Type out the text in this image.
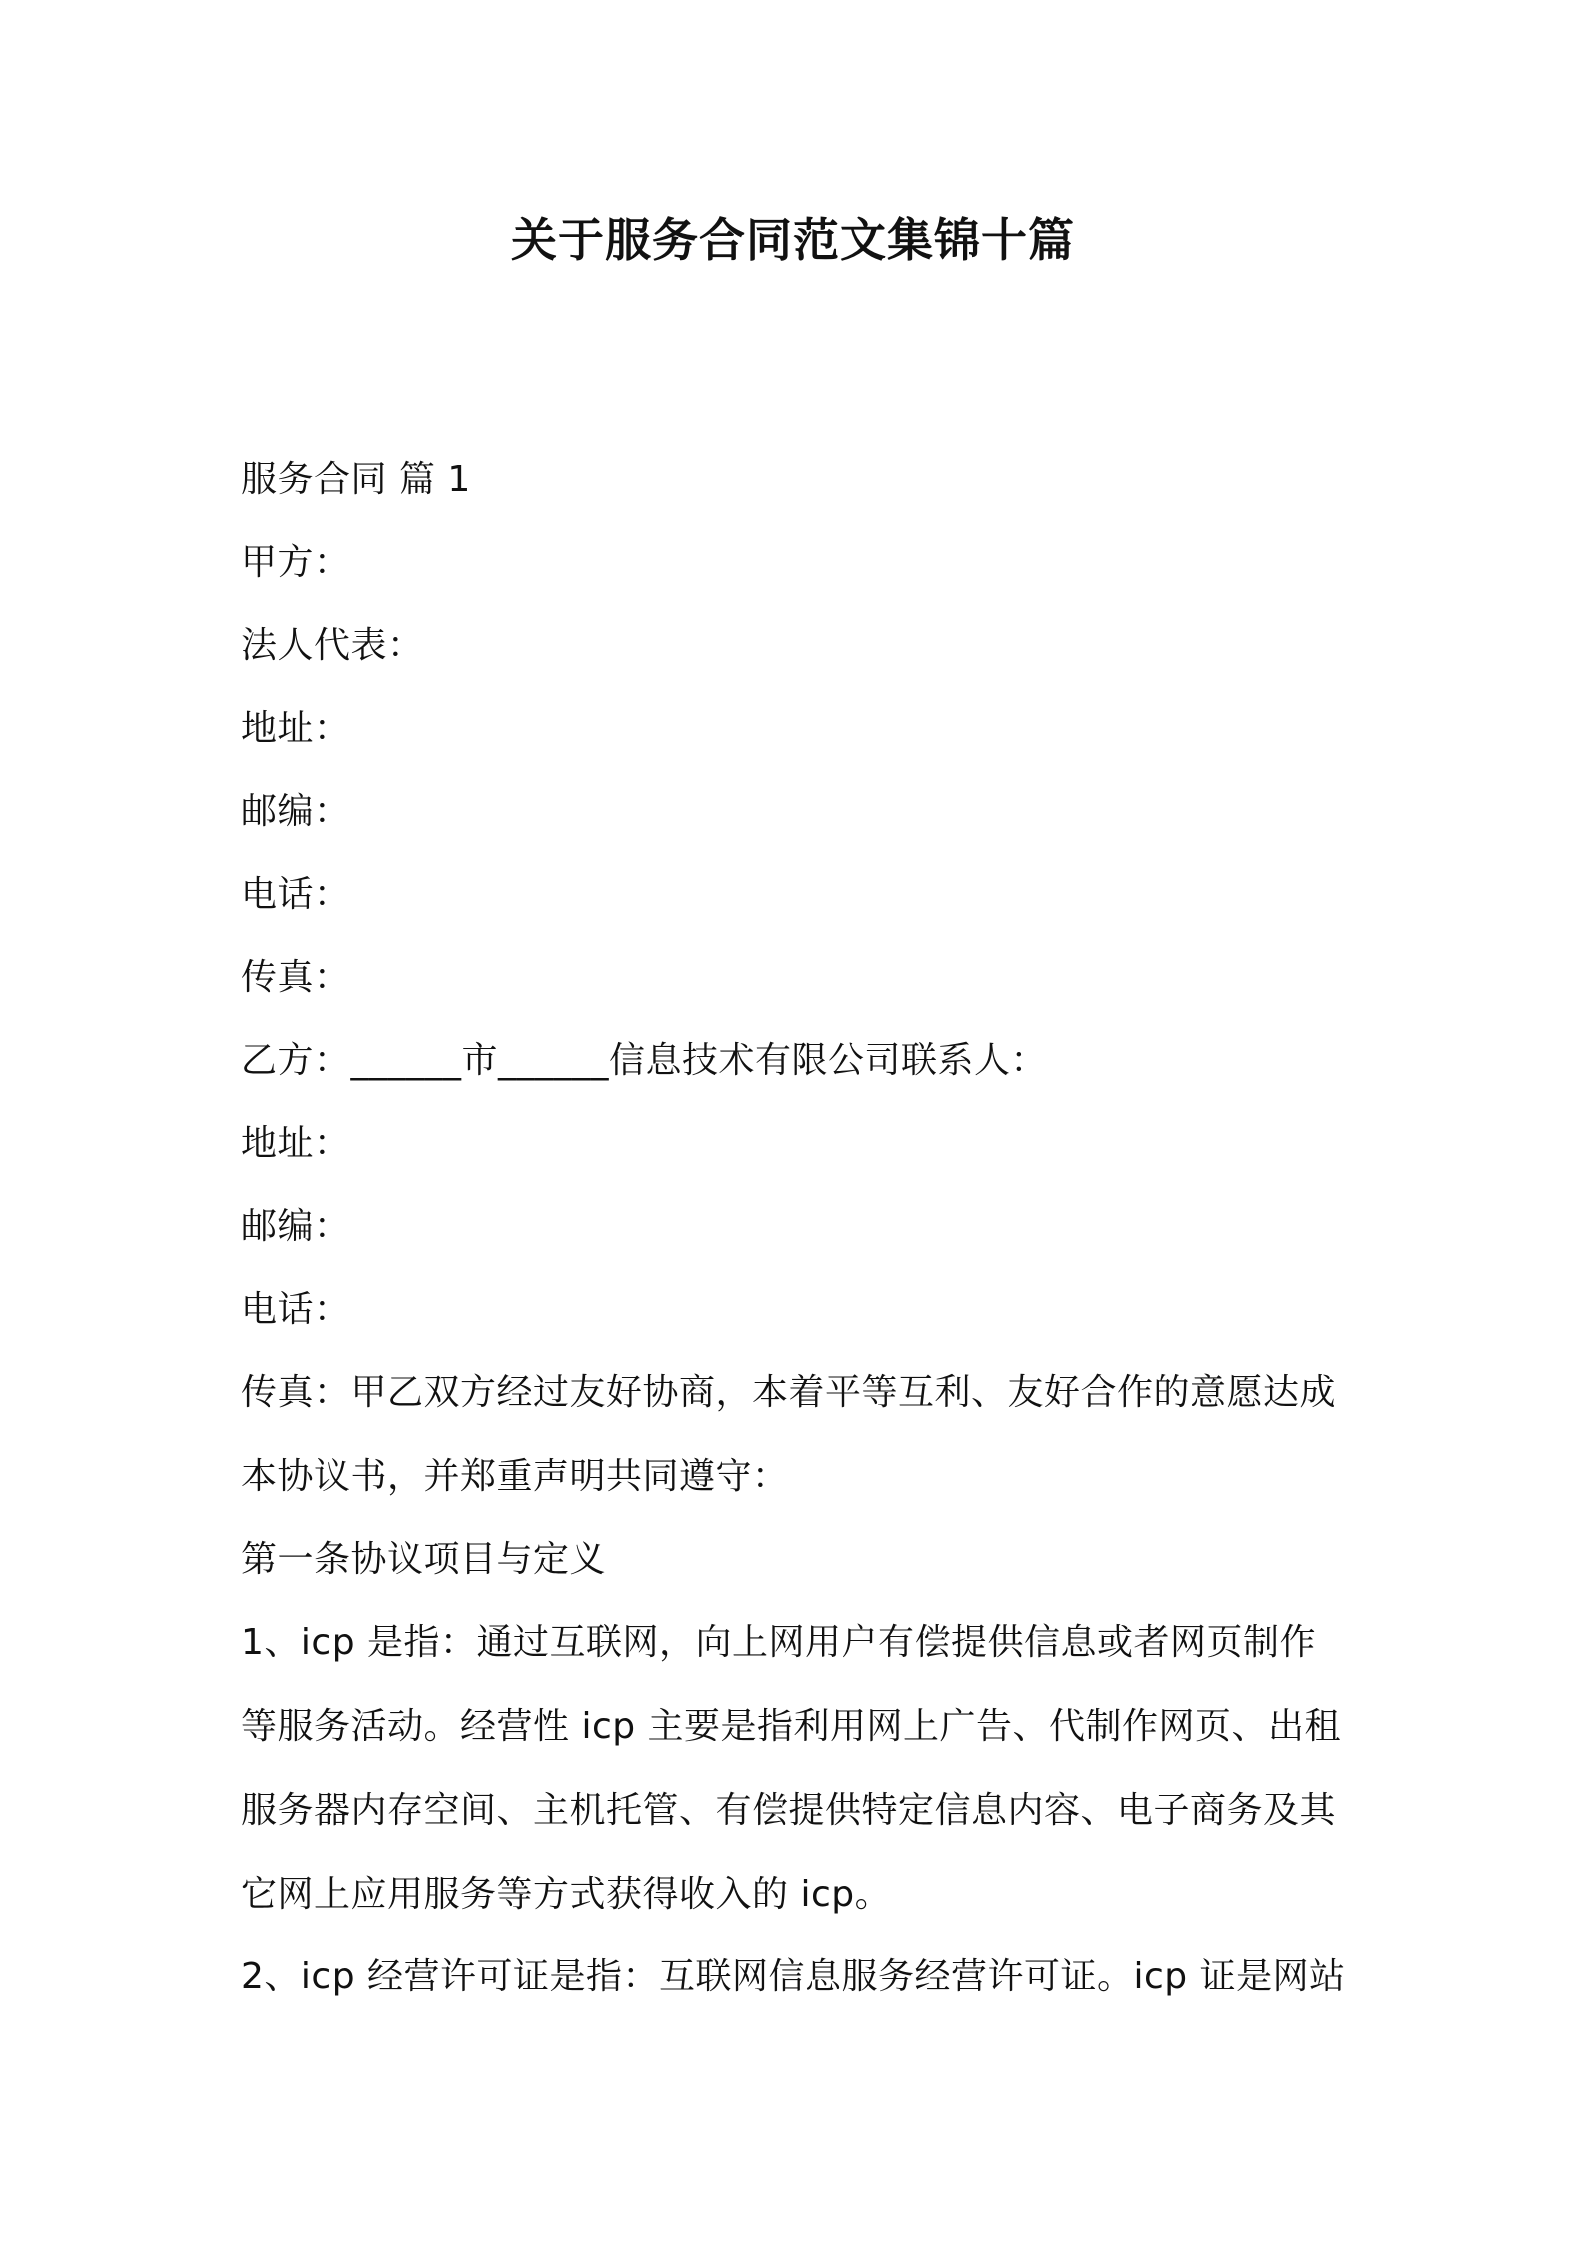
关于服务合同范文集锦十篇
服务合同 篇 1
甲方：
法人代表：
地址：
邮编：
电话：
传真：
乙方：______市______信息技术有限公司联系人：
地址：
邮编：
电话：
传真：甲乙双方经过友好协商，本着平等互利、友好合作的意愿达成
本协议书，并郑重声明共同遵守：
第一条协议项目与定义
1、icp 是指：通过互联网，向上网用户有偿提供信息或者网页制作
等服务活动。经营性 icp 主要是指利用网上广告、代制作网页、出租
服务器内存空间、主机托管、有偿提供特定信息内容、电子商务及其
它网上应用服务等方式获得收入的 icp。
2、icp 经营许可证是指：互联网信息服务经营许可证。icp 证是网站
